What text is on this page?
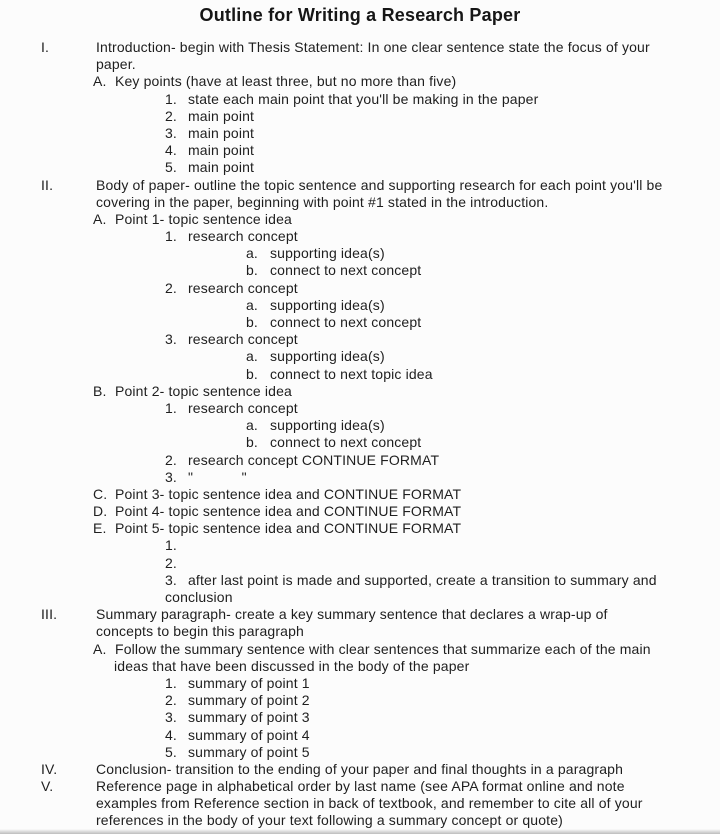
Outline for Writing a Research Paper
I.	Introduction- begin with Thesis Statement: In one clear sentence state the focus of your
paper.
A. Key points (have at least three, but no more than five)
1. state each main point that you'll be making in the paper
2. main point
3. main point
4. main point
5. main point
II.	Body of paper- outline the topic sentence and supporting research for each point you'll be
covering in the paper, beginning with point #1 stated in the introduction.
A. Point 1- topic sentence idea
1. research concept
a. supporting idea(s)
b. connect to next concept
2. research concept
a. supporting idea(s)
b. connect to next concept
3. research concept
a. supporting idea(s)
b. connect to next topic idea
B. Point 2- topic sentence idea
1. research concept
a. supporting idea(s)
b. connect to next concept
2. research concept CONTINUE FORMAT
3. "            "
C. Point 3- topic sentence idea and CONTINUE FORMAT
D. Point 4- topic sentence idea and CONTINUE FORMAT
E. Point 5- topic sentence idea and CONTINUE FORMAT
1.
2.
3. after last point is made and supported, create a transition to summary and
conclusion
III.	Summary paragraph- create a key summary sentence that declares a wrap-up of
concepts to begin this paragraph
A. Follow the summary sentence with clear sentences that summarize each of the main
ideas that have been discussed in the body of the paper
1. summary of point 1
2. summary of point 2
3. summary of point 3
4. summary of point 4
5. summary of point 5
IV.	Conclusion- transition to the ending of your paper and final thoughts in a paragraph
V.	Reference page in alphabetical order by last name (see APA format online and note
examples from Reference section in back of textbook, and remember to cite all of your
references in the body of your text following a summary concept or quote)
